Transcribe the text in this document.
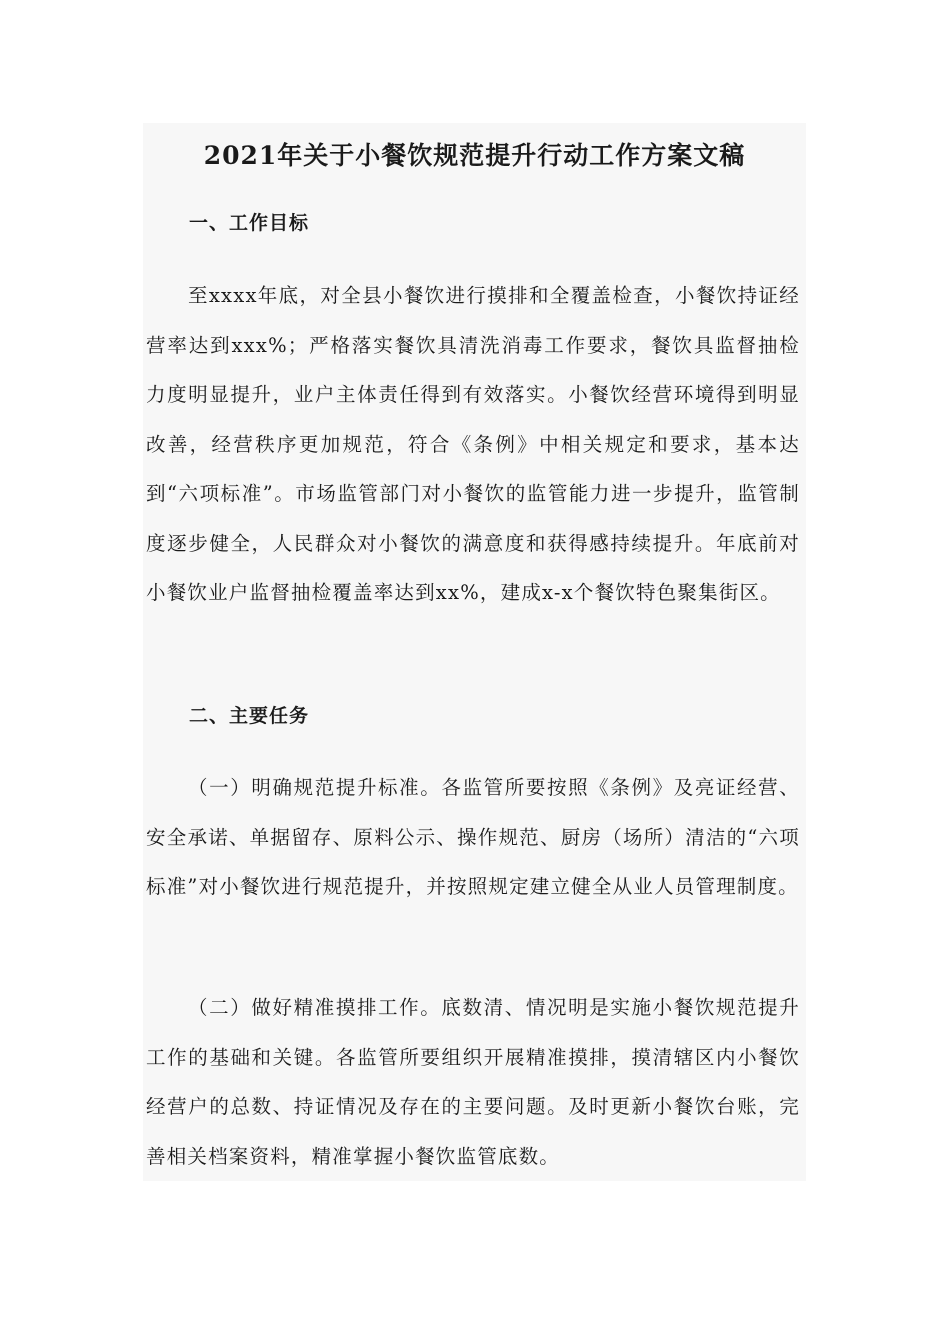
2021年关于小餐饮规范提升行动工作方案文稿
一、工作目标

至xxxx年底，对全县小餐饮进行摸排和全覆盖检查，小餐饮持证经营率达到xxx%；严格落实餐饮具清洗消毒工作要求，餐饮具监督抽检力度明显提升，业户主体责任得到有效落实。小餐饮经营环境得到明显改善，经营秩序更加规范，符合《条例》中相关规定和要求，基本达到“六项标准”。市场监管部门对小餐饮的监管能力进一步提升，监管制度逐步健全，人民群众对小餐饮的满意度和获得感持续提升。年底前对小餐饮业户监督抽检覆盖率达到xx%，建成x-x个餐饮特色聚集街区。

二、主要任务

（一）明确规范提升标准。各监管所要按照《条例》及亮证经营、安全承诺、单据留存、原料公示、操作规范、厨房（场所）清洁的“六项标准”对小餐饮进行规范提升，并按照规定建立健全从业人员管理制度。

（二）做好精准摸排工作。底数清、情况明是实施小餐饮规范提升工作的基础和关键。各监管所要组织开展精准摸排，摸清辖区内小餐饮经营户的总数、持证情况及存在的主要问题。及时更新小餐饮台账，完善相关档案资料，精准掌握小餐饮监管底数。
